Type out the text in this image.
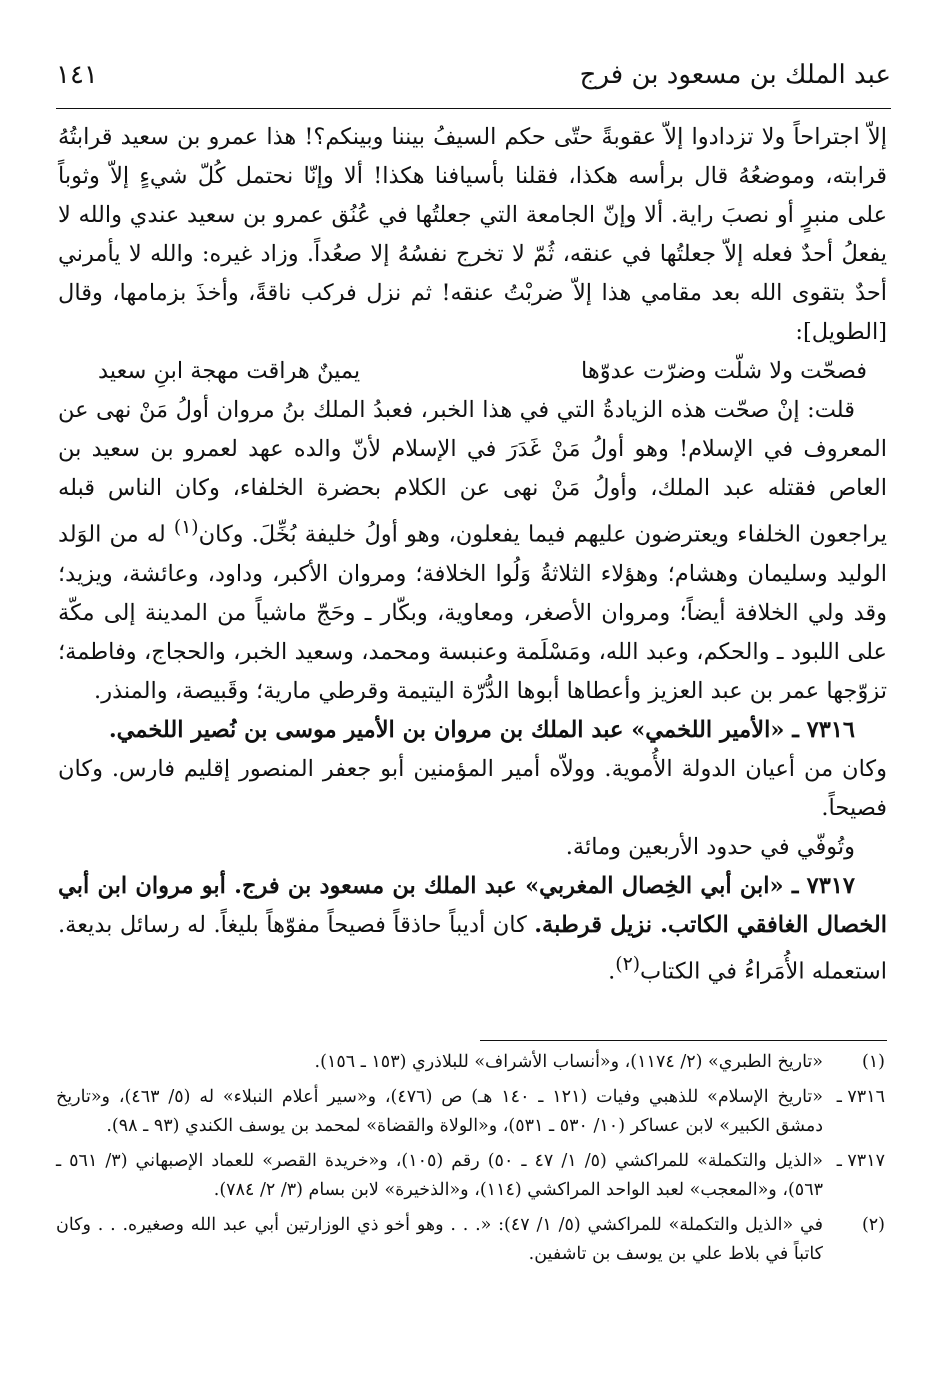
عبد الملك بن مسعود بن فرج
١٤١

إلاّ اجتراحاً ولا تزدادوا إلاّ عقوبةً حتّى حكم السيفُ بيننا وبينكم؟! هذا عمرو بن سعيد قرابتُهُ قرابته، وموضعُهُ قال برأسه هكذا، فقلنا بأسيافنا هكذا! ألا وإنّا نحتمل كُلّ شيءٍ إلاّ وثوباً على منبرٍ أو نصبَ راية. ألا وإنّ الجامعة التي جعلتُها في عُنُق عمرو بن سعيد عندي والله لا يفعلُ أحدٌ فعله إلاّ جعلتُها في عنقه، ثُمّ لا تخرج نفسُهُ إلا صعُداً. وزاد غيره: والله لا يأمرني أحدٌ بتقوى الله بعد مقامي هذا إلاّ ضربْتُ عنقه! ثم نزل فركب ناقةً، وأخذَ بزمامها، وقال [الطويل]:

فصحّت ولا شلّت وضرّت عدوّها
يمينٌ هراقت مهجة ابنِ سعيد

قلت: إنْ صحّت هذه الزيادةُ التي في هذا الخبر، فعبدُ الملك بنُ مروان أولُ مَنْ نهى عن المعروف في الإسلام! وهو أولُ مَنْ غَدَرَ في الإسلام لأنّ والده عهد لعمرو بن سعيد بن العاص فقتله عبد الملك، وأولُ مَنْ نهى عن الكلام بحضرة الخلفاء، وكان الناس قبله يراجعون الخلفاء ويعترضون عليهم فيما يفعلون، وهو أولُ خليفة بُخِّلَ. وكان$^{(١)}$ له من الوَلد الوليد وسليمان وهشام؛ وهؤلاء الثلاثةُ وَلُوا الخلافة؛ ومروان الأكبر، وداود، وعائشة، ويزيد؛ وقد ولي الخلافة أيضاً؛ ومروان الأصغر، ومعاوية، وبكّار ـ وحَجّ ماشياً من المدينة إلى مكّة على اللبود ـ والحكم، وعبد الله، ومَسْلَمة وعنبسة ومحمد، وسعيد الخبر، والحجاج، وفاطمة؛ تزوّجها عمر بن عبد العزيز وأعطاها أبوها الدُّرّة اليتيمة وقرطي مارية؛ وقَبيصة، والمنذر.

٧٣١٦ ـ «الأمير اللخمي» عبد الملك بن مروان بن الأمير موسى بن نُصير اللخمي.

وكان من أعيان الدولة الأُموية. وولاّه أمير المؤمنين أبو جعفر المنصور إقليم فارس. وكان فصيحاً.

وتُوفّي في حدود الأربعين ومائة.

٧٣١٧ ـ «ابن أبي الخِصال المغربي» عبد الملك بن مسعود بن فرج. أبو مروان ابن أبي الخصال الغافقي الكاتب. نزيل قرطبة. كان أديباً حاذقاً فصيحاً مفوّهاً بليغاً. له رسائل بديعة. استعمله الأُمَراءُ في الكتاب$^{(٢)}$.

(١)
«تاريخ الطبري» (٢/ ١١٧٤)، و«أنساب الأشراف» للبلاذري (١٥٣ ـ ١٥٦).
٧٣١٦ ـ
«تاريخ الإسلام» للذهبي وفيات (١٢١ ـ ١٤٠ هـ) ص (٤٧٦)، و«سير أعلام النبلاء» له (٥/ ٤٦٣)، و«تاريخ دمشق الكبير» لابن عساكر (١٠/ ٥٣٠ ـ ٥٣١)، و«الولاة والقضاة» لمحمد بن يوسف الكندي (٩٣ ـ ٩٨).
٧٣١٧ ـ
«الذيل والتكملة» للمراكشي (٥/ ١/ ٤٧ ـ ٥٠) رقم (١٠٥)، و«خريدة القصر» للعماد الإصبهاني (٣/ ٥٦١ ـ ٥٦٣)، و«المعجب» لعبد الواحد المراكشي (١١٤)، و«الذخيرة» لابن بسام (٣/ ٢/ ٧٨٤).
(٢)
في «الذيل والتكملة» للمراكشي (٥/ ١/ ٤٧): «. . . وهو أخو ذي الوزارتين أبي عبد الله وصغيره. . . وكان كاتباً في بلاط علي بن يوسف بن تاشفين.
